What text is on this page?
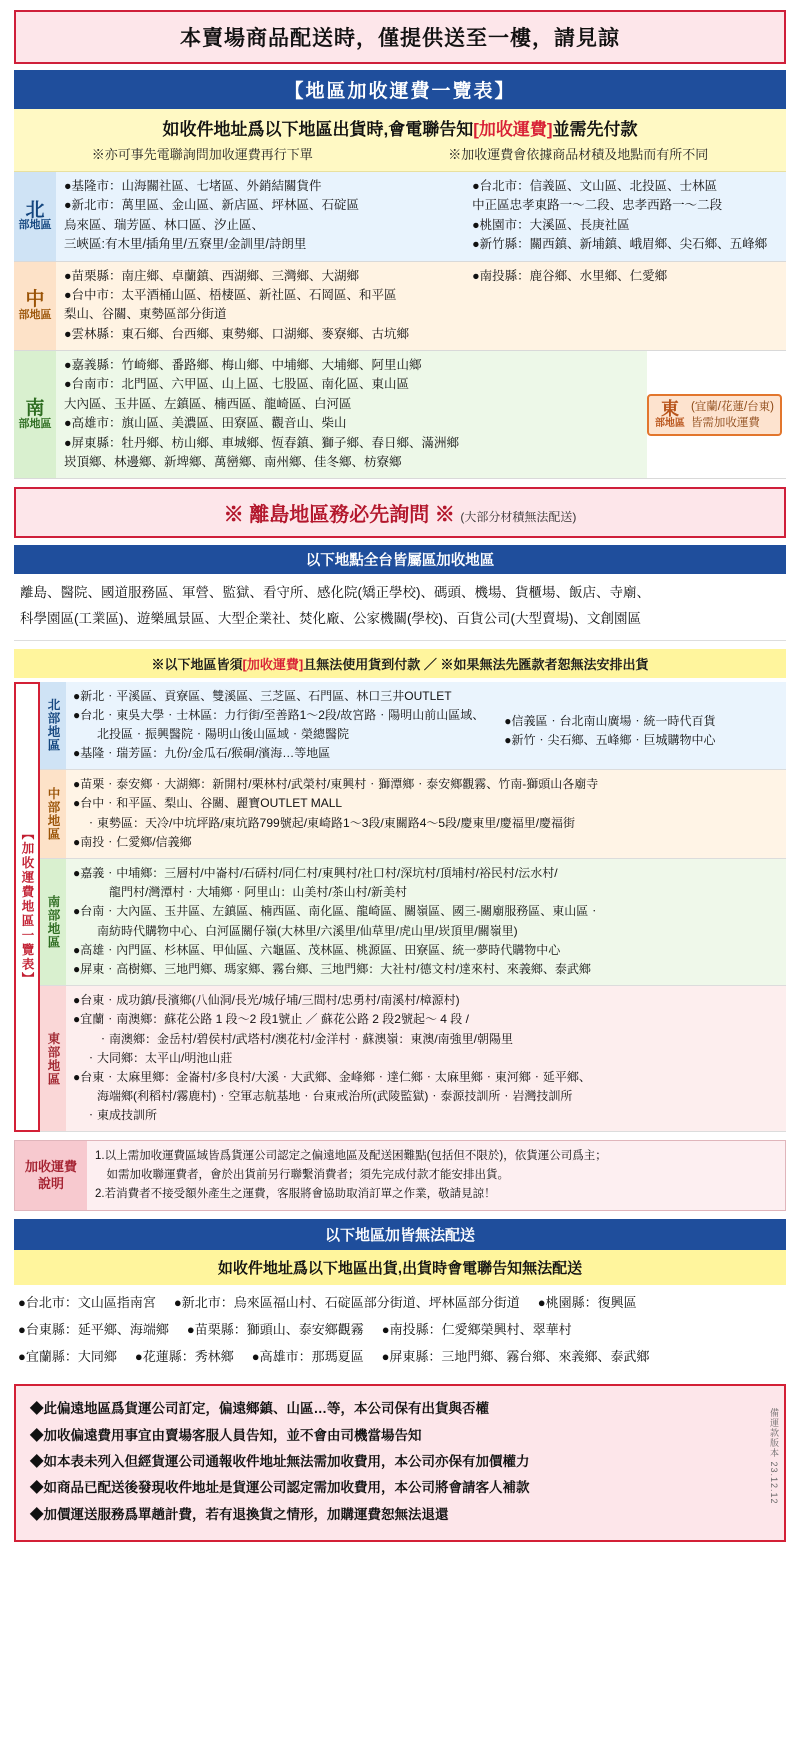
本賣場商品配送時，僅提供送至一樓，請見諒
【地區加收運費一覽表】
如收件地址爲以下地區出貨時,會電聯告知[加收運費]並需先付款
※亦可事先電聯詢問加收運費再行下單	※加收運費會依據商品材積及地點而有所不同
北
部地區
●基隆市：山海關社區、七堵區、外銷結關貨件
●新北市：萬里區、金山區、新店區、坪林區、石碇區
烏來區、瑞芳區、林口區、汐止區、
三峽區:有木里/插角里/五寮里/金訓里/詩朗里
●台北市：信義區、文山區、北投區、士林區
中正區忠孝東路一～二段、忠孝西路一～二段
●桃園市：大溪區、長庚社區
●新竹縣：關西鎮、新埔鎮、峨眉鄉、尖石鄉、五峰鄉
中
部地區
●苗栗縣：南庄鄉、卓蘭鎮、西湖鄉、三灣鄉、大湖鄉
●台中市：太平酒桶山區、梧棲區、新社區、石岡區、和平區
梨山、谷關、東勢區部分街道
●雲林縣：東石鄉、台西鄉、東勢鄉、口湖鄉、麥寮鄉、古坑鄉
●南投縣：鹿谷鄉、水里鄉、仁愛鄉
南
部地區
●嘉義縣：竹崎鄉、番路鄉、梅山鄉、中埔鄉、大埔鄉、阿里山鄉
●台南市：北門區、六甲區、山上區、七股區、南化區、東山區
大內區、玉井區、左鎮區、楠西區、龍崎區、白河區
●高雄市：旗山區、美濃區、田寮區、觀音山、柴山
●屏東縣：牡丹鄉、枋山鄉、車城鄉、恆春鎮、獅子鄉、春日鄉、滿洲鄉
崁頂鄉、林邊鄉、新埤鄉、萬巒鄉、南州鄉、佳冬鄉、枋寮鄉
東
部地區
(宜蘭/花蓮/台東)
皆需加收運費
※ 離島地區務必先詢問 ※ (大部分材積無法配送)
以下地點全台皆屬區加收地區
離島、醫院、國道服務區、軍營、監獄、看守所、感化院(矯正學校)、碼頭、機場、貨櫃場、飯店、寺廟、
科學園區(工業區)、遊樂風景區、大型企業社、焚化廠、公家機關(學校)、百貨公司(大型賣場)、文創園區
※以下地區皆須[加收運費]且無法使用貨到付款 ／ ※如果無法先匯款者恕無法安排出貨
【加收運費地區一覽表】
北部地區
●新北‧平溪區、貢寮區、雙溪區、三芝區、石門區、林口三井OUTLET
●台北‧東吳大學‧士林區：力行街/至善路1～2段/故宮路‧陽明山前山區域、
　　北投區‧振興醫院‧陽明山後山區域‧榮總醫院
●基隆‧瑞芳區：九份/金瓜石/猴硐/濱海…等地區
●信義區‧台北南山廣場‧統一時代百貨
●新竹‧尖石鄉、五峰鄉‧巨城購物中心
中部地區
●苗栗‧泰安鄉‧大湖鄉：新開村/栗林村/武榮村/東興村‧獅潭鄉‧泰安鄉觀霧、竹南-獅頭山各廟寺
●台中‧和平區、梨山、谷關、麗寶OUTLET MALL
　‧東勢區：天冷/中坑坪路/東坑路799號起/東崎路1～3段/東關路4～5段/慶東里/慶福里/慶福街
●南投‧仁愛鄉/信義鄉
南部地區
●嘉義‧中埔鄉：三層村/中崙村/石硦村/同仁村/東興村/社口村/深坑村/頂埔村/裕民村/沄水村/
　　　龍門村/灣潭村‧大埔鄉‧阿里山：山美村/茶山村/新美村
●台南‧大內區、玉井區、左鎮區、楠西區、南化區、龍崎區、關嶺區、國三-關廟服務區、東山區‧
　　南紡時代購物中心、白河區關仔嶺(大林里/六溪里/仙草里/虎山里/崁頂里/關嶺里)
●高雄‧內門區、杉林區、甲仙區、六龜區、茂林區、桃源區、田寮區、統一夢時代購物中心
●屏東‧高樹鄉、三地門鄉、瑪家鄉、霧台鄉、三地門鄉：大社村/德文村/達來村、來義鄉、泰武鄉
東部地區
●台東‧成功鎮/長濱鄉(八仙洞/長光/城仔埔/三間村/忠勇村/南溪村/樟源村)
●宜蘭‧南澳鄉：蘇花公路 1 段～2 段1號止 ／ 蘇花公路 2 段2號起～ 4 段 /
　　‧南澳鄉：金岳村/碧侯村/武塔村/澳花村/金洋村‧蘇澳嶺：東澳/南強里/朝陽里
　‧大同鄉：太平山/明池山莊
●台東‧太麻里鄉：金崙村/多良村/大溪‧大武鄉、金峰鄉‧達仁鄉‧太麻里鄉‧東河鄉‧延平鄉、
　　海端鄉(利稻村/霧鹿村)‧空軍志航基地‧台東戒治所(武陵監獄)‧泰源技訓所‧岩灣技訓所
　‧東成技訓所
加收運費
說明
1.以上需加收運費區域皆爲貨運公司認定之偏遠地區及配送困難點(包括但不限於)，依貨運公司爲主；
　如需加收聯運費者，會於出貨前另行聯繫消費者；須先完成付款才能安排出貨。
2.若消費者不接受額外產生之運費，客服將會協助取消訂單之作業，敬請見諒！
以下地區加皆無法配送
如收件地址爲以下地區出貨,出貨時會電聯告知無法配送
●台北市：文山區指南宮 ●新北市：烏來區福山村、石碇區部分街道、坪林區部分街道 ●桃園縣：復興區
●台東縣：延平鄉、海端鄉 ●苗栗縣：獅頭山、泰安鄉觀霧 ●南投縣：仁愛鄉榮興村、翠華村
●宜蘭縣：大同鄉 ●花蓮縣：秀林鄉 ●高雄市：那瑪夏區 ●屏東縣：三地門鄉、霧台鄉、來義鄉、泰武鄉
◆此偏遠地區爲貨運公司訂定，偏遠鄉鎮、山區…等，本公司保有出貨與否權
◆加收偏遠費用事宜由賣場客服人員告知，並不會由司機當場告知
◆如本表未列入但經貨運公司通報收件地址無法需加收費用，本公司亦保有加價權力
◆如商品已配送後發現收件地址是貨運公司認定需加收費用，本公司將會請客人補款
◆加價運送服務爲單趟計費，若有退換貨之情形，加購運費恕無法退還
備運款版本 23.12.12
